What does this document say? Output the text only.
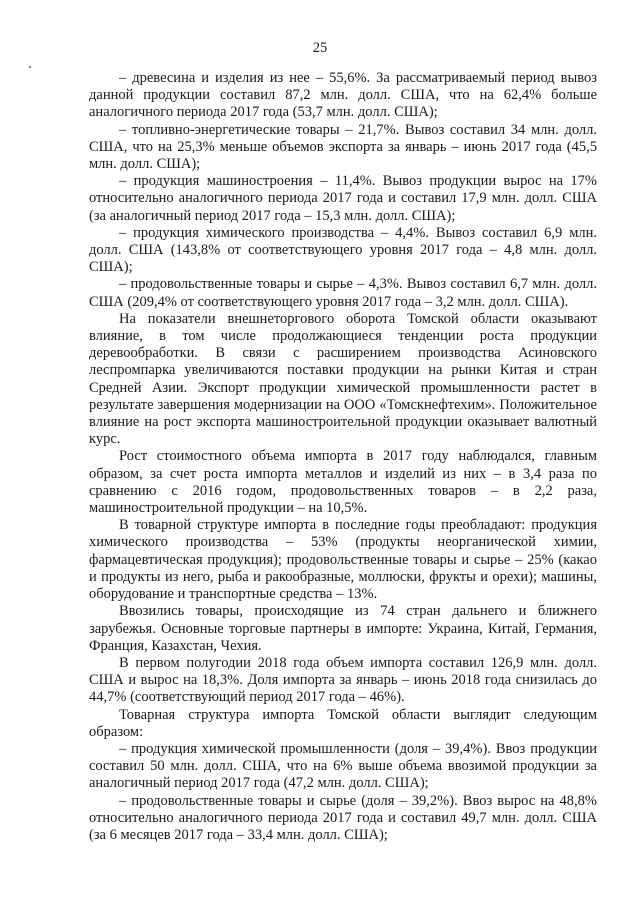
25

– древесина и изделия из нее – 55,6%. За рассматриваемый период вывоз данной продукции составил 87,2 млн. долл. США, что на 62,4% больше аналогичного периода 2017 года (53,7 млн. долл. США);

– топливно-энергетические товары – 21,7%. Вывоз составил 34 млн. долл. США, что на 25,3% меньше объемов экспорта за январь – июнь 2017 года (45,5 млн. долл. США);

– продукция машиностроения – 11,4%. Вывоз продукции вырос на 17% относительно аналогичного периода 2017 года и составил 17,9 млн. долл. США (за аналогичный период 2017 года – 15,3 млн. долл. США);

– продукция химического производства – 4,4%. Вывоз составил 6,9 млн. долл. США (143,8% от соответствующего уровня 2017 года – 4,8 млн. долл. США);

– продовольственные товары и сырье – 4,3%. Вывоз составил 6,7 млн. долл. США (209,4% от соответствующего уровня 2017 года – 3,2 млн. долл. США).

На показатели внешнеторгового оборота Томской области оказывают влияние, в том числе продолжающиеся тенденции роста продукции деревообработки. В связи с расширением производства Асиновского леспромпарка увеличиваются поставки продукции на рынки Китая и стран Средней Азии. Экспорт продукции химической промышленности растет в результате завершения модернизации на ООО «Томскнефтехим». Положительное влияние на рост экспорта машиностроительной продукции оказывает валютный курс.

Рост стоимостного объема импорта в 2017 году наблюдался, главным образом, за счет роста импорта металлов и изделий из них – в 3,4 раза по сравнению с 2016 годом, продовольственных товаров – в 2,2 раза, машиностроительной продукции – на 10,5%.

В товарной структуре импорта в последние годы преобладают: продукция химического производства – 53% (продукты неорганической химии, фармацевтическая продукция); продовольственные товары и сырье – 25% (какао и продукты из него, рыба и ракообразные, моллюски, фрукты и орехи); машины, оборудование и транспортные средства – 13%.

Ввозились товары, происходящие из 74 стран дальнего и ближнего зарубежья. Основные торговые партнеры в импорте: Украина, Китай, Германия, Франция, Казахстан, Чехия.

В первом полугодии 2018 года объем импорта составил 126,9 млн. долл. США и вырос на 18,3%. Доля импорта за январь – июнь 2018 года снизилась до 44,7% (соответствующий период 2017 года – 46%).

Товарная структура импорта Томской области выглядит следующим образом:

– продукция химической промышленности (доля – 39,4%). Ввоз продукции составил 50 млн. долл. США, что на 6% выше объема ввозимой продукции за аналогичный период 2017 года (47,2 млн. долл. США);

– продовольственные товары и сырье (доля – 39,2%). Ввоз вырос на 48,8% относительно аналогичного периода 2017 года и составил 49,7 млн. долл. США (за 6 месяцев 2017 года – 33,4 млн. долл. США);
